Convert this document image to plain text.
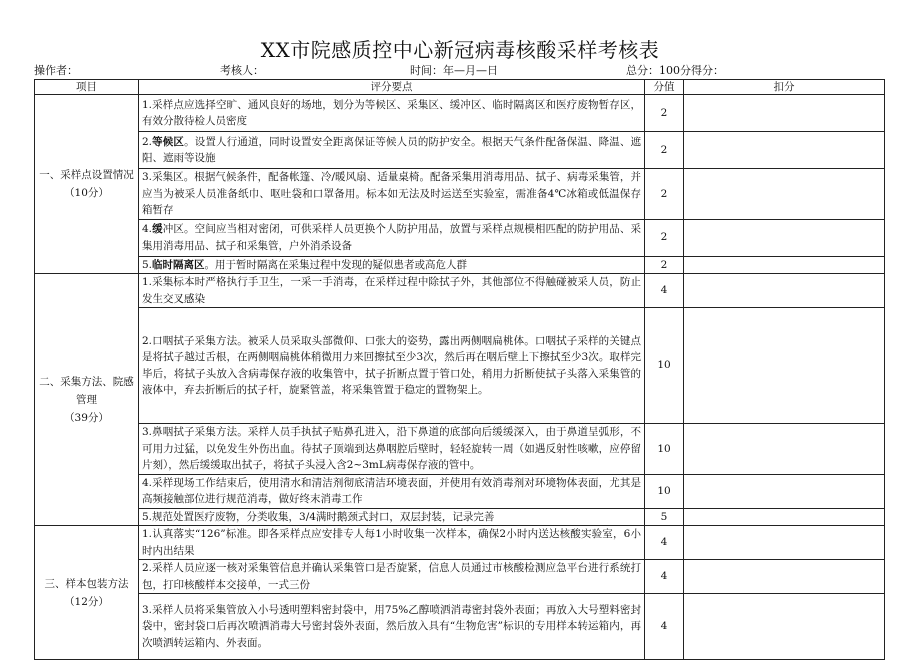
XX市院感质控中心新冠病毒核酸采样考核表
操作者：	考核人：	时间：年—月—日	总分：100分得分：
项目	评分要点	分值	扣分

一、采样点设置情况
（10分）	1.采样点应选择空旷、通风良好的场地，划分为等候区、采集区、缓冲区、临时隔离区和医疗废物暂存区，有效分散待检人员密度	2	
	2.等候区。设置人行通道，同时设置安全距离保证等候人员的防护安全。根据天气条件配备保温、降温、遮阳、遮雨等设施	2	
	3.采集区。根据气候条件，配备帐篷、冷/暖风扇、适量桌椅。配备采集用消毒用品、拭子、病毒采集管，并应当为被采人员准备纸巾、呕吐袋和口罩备用。标本如无法及时运送至实验室，需准备4℃冰箱或低温保存箱暂存	2	
	4.缓冲区。空间应当相对密闭，可供采样人员更换个人防护用品，放置与采样点规模相匹配的防护用品、采集用消毒用品、拭子和采集管，户外消杀设备	2	
	5.临时隔离区。用于暂时隔离在采集过程中发现的疑似患者或高危人群	2	

二、采集方法、院感管理
（39分）	1.采集标本时严格执行手卫生，一采一手消毒，在采样过程中除拭子外，其他部位不得触碰被采人员，防止发生交叉感染	4	
	2.口咽拭子采集方法。被采人员采取头部微仰、口张大的姿势，露出两侧咽扁桃体。口咽拭子采样的关键点是将拭子越过舌根，在两侧咽扁桃体稍微用力来回擦拭至少3次，然后再在咽后壁上下擦拭至少3次。取样完毕后，将拭子头放入含病毒保存液的收集管中，拭子折断点置于管口处，稍用力折断使拭子头落入采集管的液体中，弃去折断后的拭子杆，旋紧管盖，将采集管置于稳定的置物架上。	10	
	3.鼻咽拭子采集方法。采样人员手执拭子贴鼻孔进入，沿下鼻道的底部向后缓缓深入，由于鼻道呈弧形，不可用力过猛，以免发生外伤出血。待拭子顶端到达鼻咽腔后壁时，轻轻旋转一周（如遇反射性咳嗽，应停留片刻），然后缓缓取出拭子，将拭子头浸入含2~3mL病毒保存液的管中。	10	
	4.采样现场工作结束后，使用清水和清洁剂彻底清洁环境表面，并使用有效消毒剂对环境物体表面，尤其是高频接触部位进行规范消毒，做好终末消毒工作	10	
	5.规范处置医疗废物，分类收集，3/4满时鹅颈式封口，双层封装，记录完善	5	

三、样本包装方法
（12分）	1.认真落实“126”标准。即各采样点应安排专人每1小时收集一次样本，确保2小时内送达核酸实验室，6小时内出结果	4	
	2.采样人员应逐一核对采集管信息并确认采集管口是否旋紧，信息人员通过市核酸检测应急平台进行系统打包，打印核酸样本交接单，一式三份	4	
	3.采样人员将采集管放入小号透明塑料密封袋中，用75%乙醇喷洒消毒密封袋外表面；再放入大号塑料密封袋中，密封袋口后再次喷洒消毒大号密封袋外表面，然后放入具有“生物危害”标识的专用样本转运箱内，再次喷洒转运箱内、外表面。	4	
